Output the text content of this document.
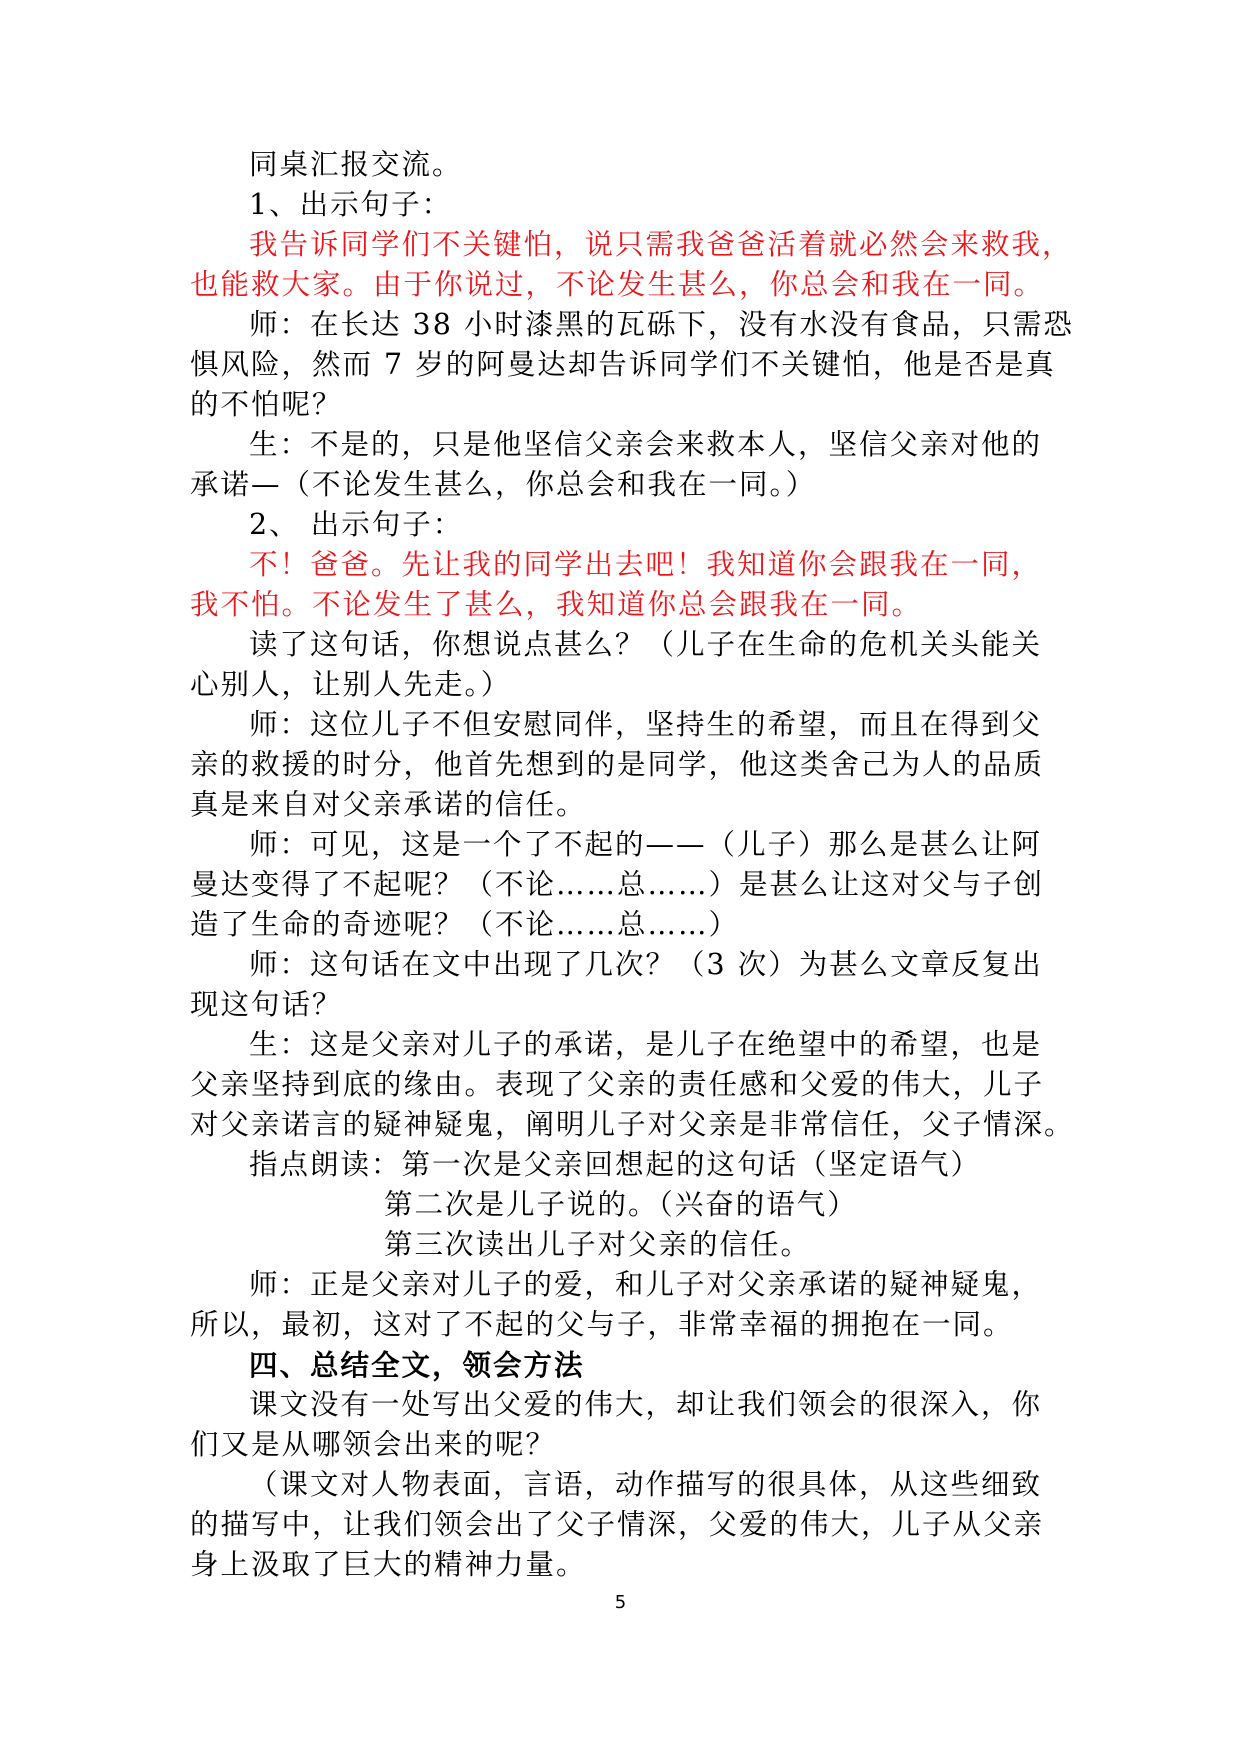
同桌汇报交流。
1、出示句子：
我告诉同学们不关键怕，说只需我爸爸活着就必然会来救我，
也能救大家。由于你说过，不论发生甚么，你总会和我在一同。
师：在长达 38 小时漆黑的瓦砾下，没有水没有食品，只需恐
惧风险，然而 7 岁的阿曼达却告诉同学们不关键怕，他是否是真
的不怕呢？
生：不是的，只是他坚信父亲会来救本人，坚信父亲对他的
承诺—（不论发生甚么，你总会和我在一同。）
2、 出示句子：
不！爸爸。先让我的同学出去吧！我知道你会跟我在一同，
我不怕。不论发生了甚么，我知道你总会跟我在一同。
读了这句话，你想说点甚么？（儿子在生命的危机关头能关
心别人，让别人先走。）
师：这位儿子不但安慰同伴，坚持生的希望，而且在得到父
亲的救援的时分，他首先想到的是同学，他这类舍己为人的品质
真是来自对父亲承诺的信任。
师：可见，这是一个了不起的——（儿子）那么是甚么让阿
曼达变得了不起呢？（不论……总……）是甚么让这对父与子创
造了生命的奇迹呢？（不论……总……）
师：这句话在文中出现了几次？（3 次）为甚么文章反复出
现这句话？
生：这是父亲对儿子的承诺，是儿子在绝望中的希望，也是
父亲坚持到底的缘由。表现了父亲的责任感和父爱的伟大，儿子
对父亲诺言的疑神疑鬼，阐明儿子对父亲是非常信任，父子情深。
指点朗读：第一次是父亲回想起的这句话（坚定语气）
第二次是儿子说的。（兴奋的语气）
第三次读出儿子对父亲的信任。
师：正是父亲对儿子的爱，和儿子对父亲承诺的疑神疑鬼，
所以，最初，这对了不起的父与子，非常幸福的拥抱在一同。
四、总结全文，领会方法
课文没有一处写出父爱的伟大，却让我们领会的很深入，你
们又是从哪领会出来的呢？
（课文对人物表面，言语，动作描写的很具体，从这些细致
的描写中，让我们领会出了父子情深，父爱的伟大，儿子从父亲
身上汲取了巨大的精神力量。
5
